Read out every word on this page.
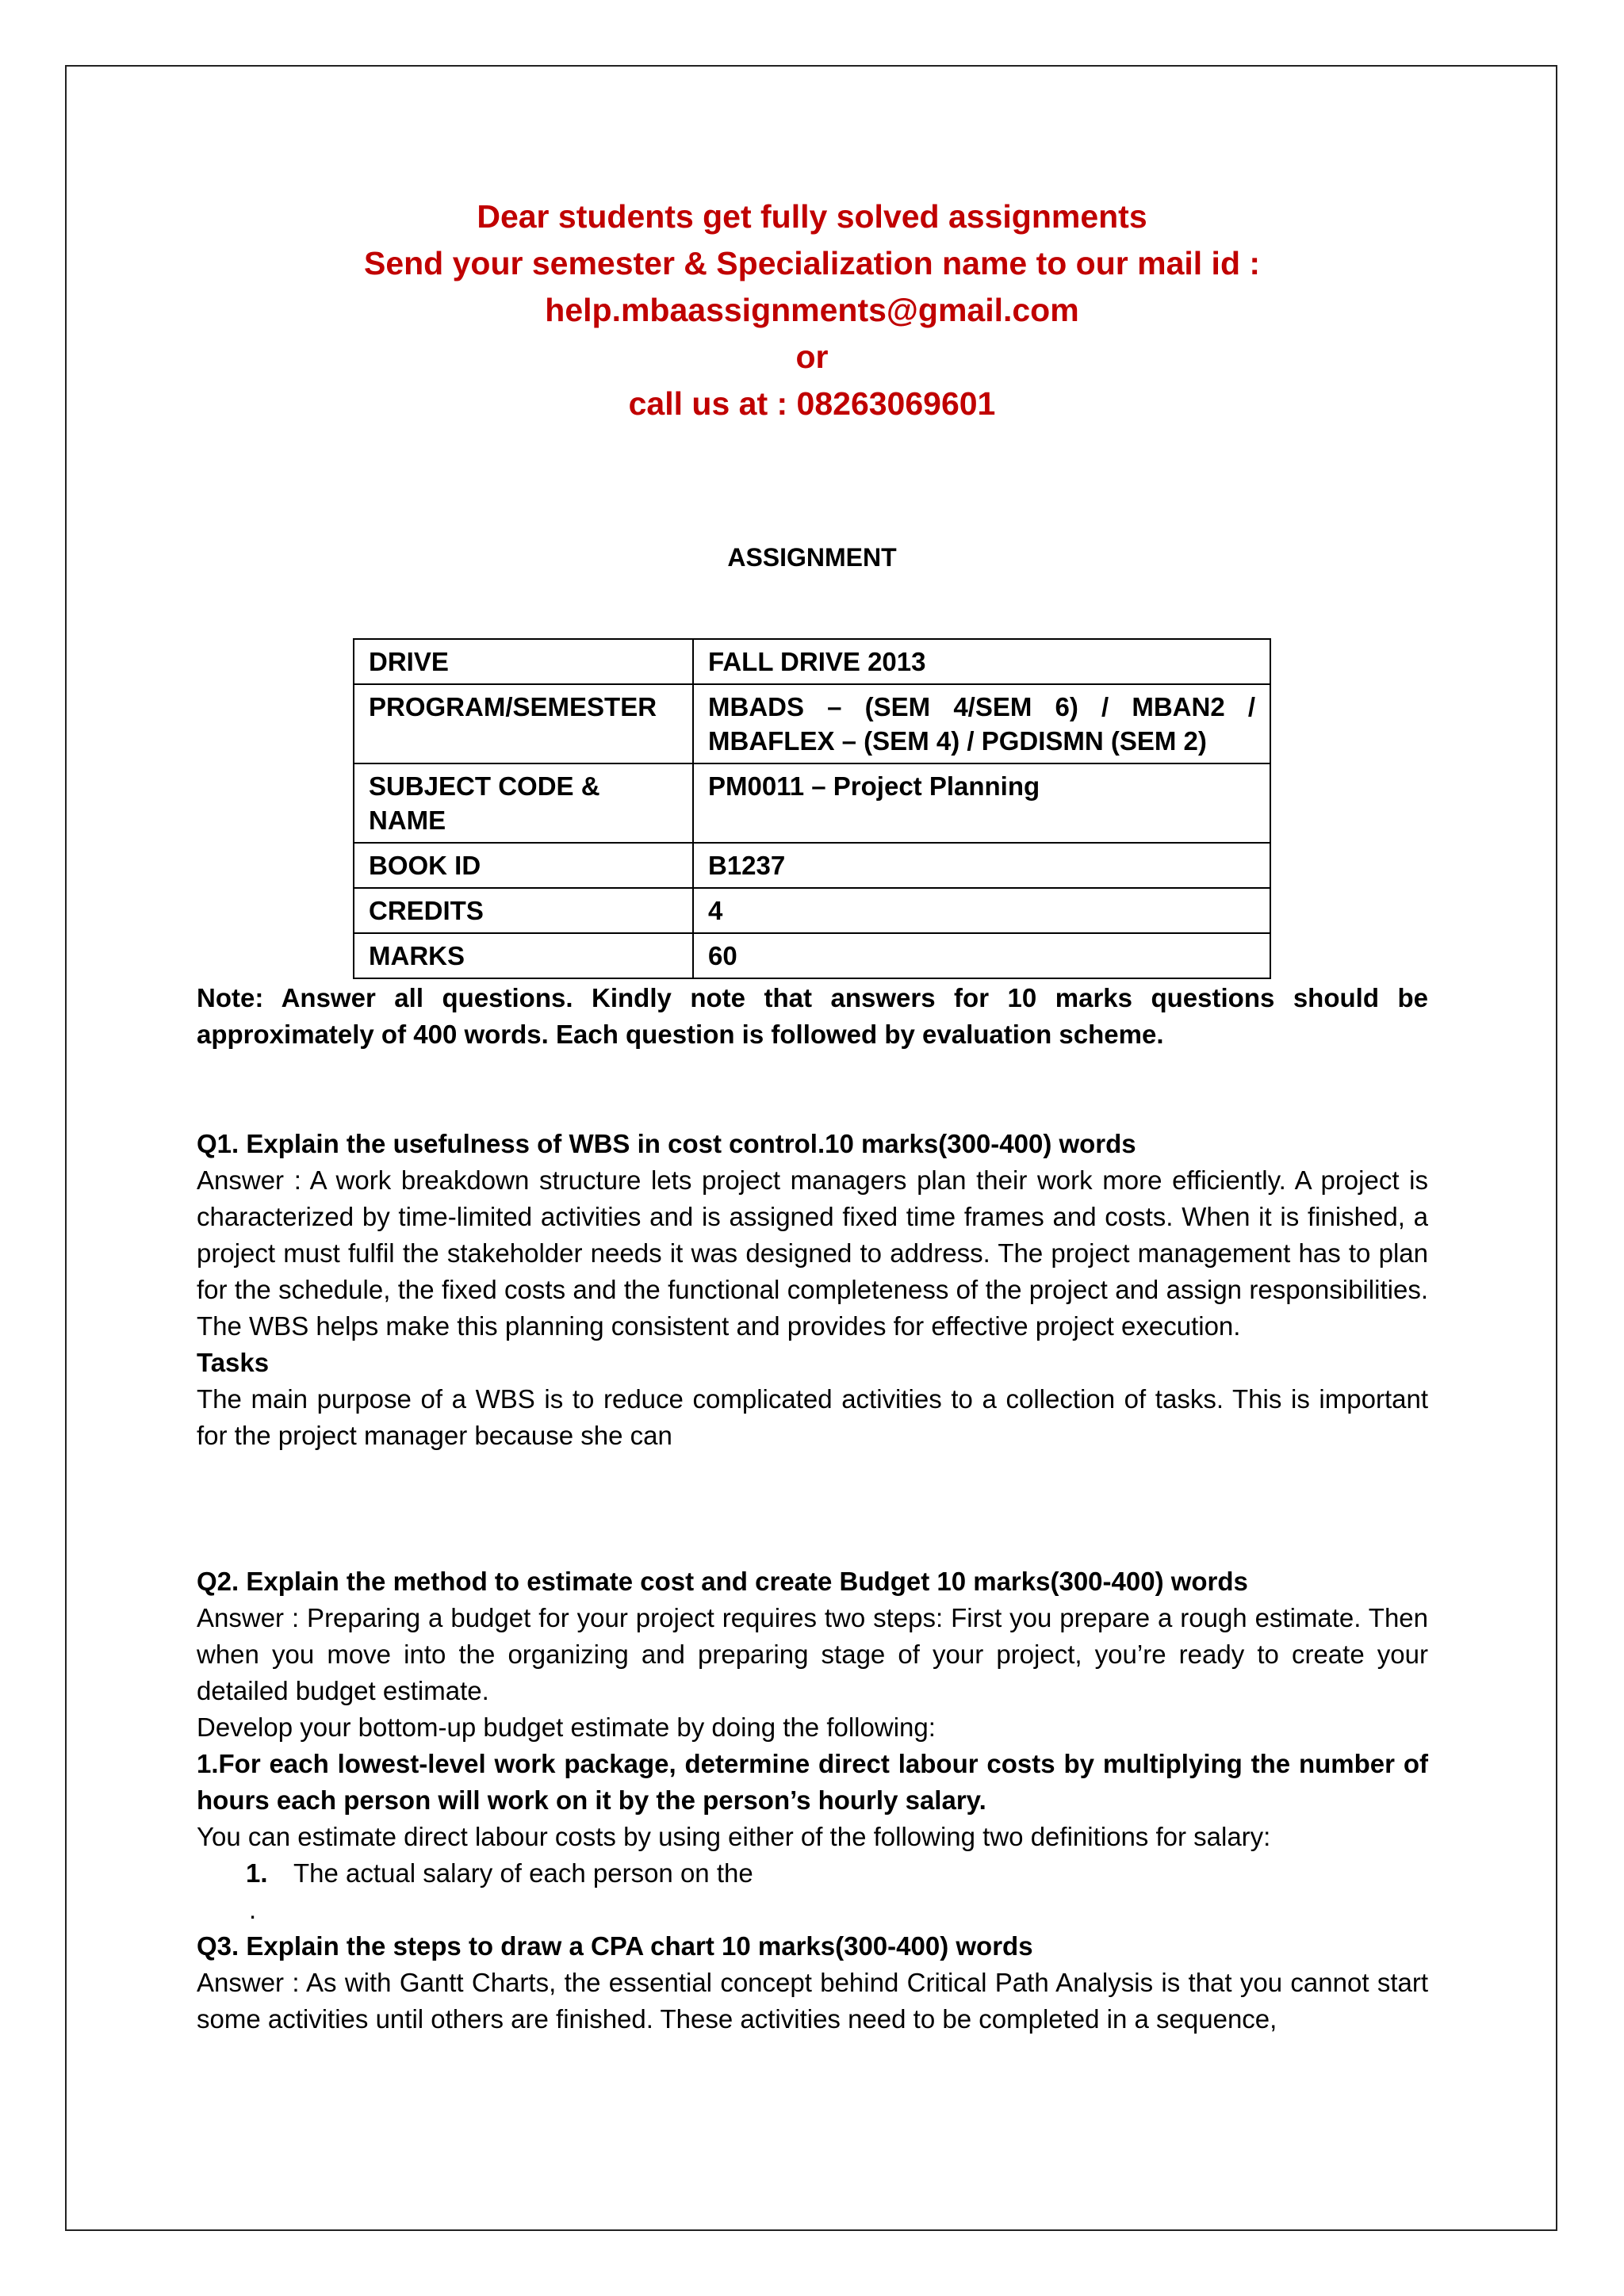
Dear students get fully solved assignments
Send your semester & Specialization name to our mail id :
help.mbaassignments@gmail.com
or
call us at : 08263069601
ASSIGNMENT
DRIVE	FALL DRIVE 2013
PROGRAM/SEMESTER	MBADS – (SEM 4/SEM 6) / MBAN2 / MBAFLEX – (SEM 4) / PGDISMN (SEM 2)
SUBJECT CODE & NAME	PM0011 – Project Planning
BOOK ID	B1237
CREDITS	4
MARKS	60

Note: Answer all questions. Kindly note that answers for 10 marks questions should be approximately of 400 words. Each question is followed by evaluation scheme.

Q1. Explain the usefulness of WBS in cost control.10 marks(300-400) words

Answer : A work breakdown structure lets project managers plan their work more efficiently. A project is characterized by time-limited activities and is assigned fixed time frames and costs. When it is finished, a project must fulfil the stakeholder needs it was designed to address. The project management has to plan for the schedule, the fixed costs and the functional completeness of the project and assign responsibilities. The WBS helps make this planning consistent and provides for effective project execution.

Tasks

The main purpose of a WBS is to reduce complicated activities to a collection of tasks. This is important for the project manager because she can

Q2. Explain the method to estimate cost and create Budget 10 marks(300-400) words

Answer : Preparing a budget for your project requires two steps: First you prepare a rough estimate. Then when you move into the organizing and preparing stage of your project, you’re ready to create your detailed budget estimate.

Develop your bottom-up budget estimate by doing the following:

1.For each lowest-level work package, determine direct labour costs by multiplying the number of hours each person will work on it by the person’s hourly salary.

You can estimate direct labour costs by using either of the following two definitions for salary:

1. The actual salary of each person on the

.

Q3. Explain the steps to draw a CPA chart 10 marks(300-400) words

Answer : As with Gantt Charts, the essential concept behind Critical Path Analysis is that you cannot start some activities until others are finished. These activities need to be completed in a sequence,
